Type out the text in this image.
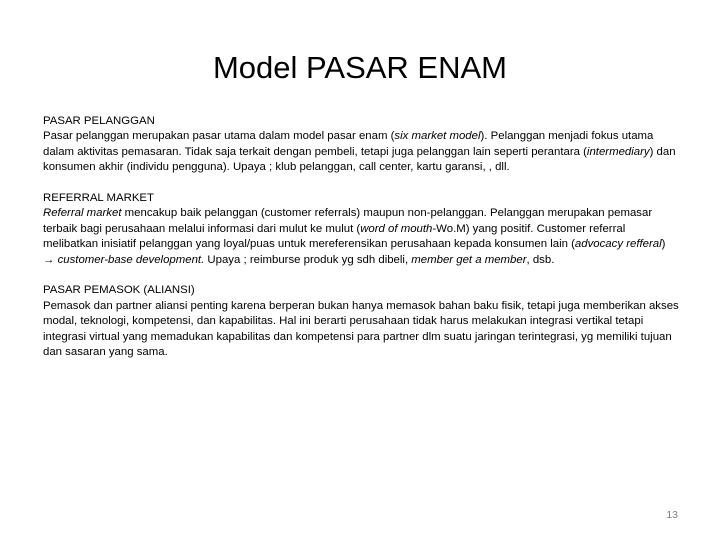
Model PASAR ENAM

PASAR PELANGGAN

Pasar pelanggan merupakan pasar utama dalam model pasar enam (six market model). Pelanggan menjadi fokus utama dalam aktivitas pemasaran. Tidak saja terkait dengan pembeli, tetapi juga pelanggan lain seperti perantara (intermediary) dan konsumen akhir (individu pengguna). Upaya ; klub pelanggan, call center, kartu garansi, , dll.

REFERRAL MARKET

Referral market mencakup baik pelanggan (customer referrals) maupun non-pelanggan. Pelanggan merupakan pemasar terbaik bagi perusahaan melalui informasi dari mulut ke mulut (word of mouth-Wo.M) yang positif. Customer referral melibatkan inisiatif pelanggan yang loyal/puas untuk mereferensikan perusahaan kepada konsumen lain (advocacy refferal) → customer-base development. Upaya ; reimburse produk yg sdh dibeli, member get a member, dsb.

PASAR PEMASOK (ALIANSI)

Pemasok dan partner aliansi penting karena berperan bukan hanya memasok bahan baku fisik, tetapi juga memberikan akses modal, teknologi, kompetensi, dan kapabilitas. Hal ini berarti perusahaan tidak harus melakukan integrasi vertikal tetapi integrasi virtual yang memadukan kapabilitas dan kompetensi para partner dlm suatu jaringan terintegrasi, yg memiliki tujuan dan sasaran yang sama.

13
